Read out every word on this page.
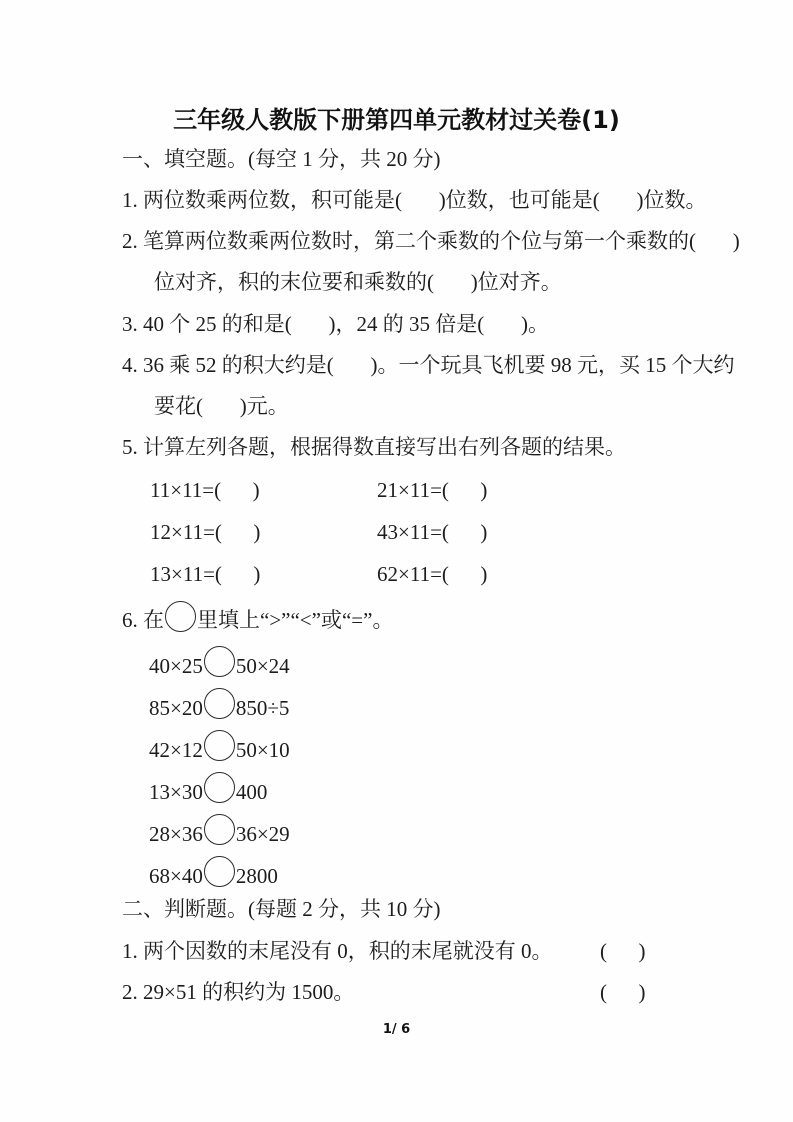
三年级人教版下册第四单元教材过关卷(1)
一、填空题。(每空 1 分，共 20 分)
1. 两位数乘两位数，积可能是(       )位数，也可能是(       )位数。
2. 笔算两位数乘两位数时，第二个乘数的个位与第一个乘数的(       )
位对齐，积的末位要和乘数的(       )位对齐。
3. 40 个 25 的和是(       )，24 的 35 倍是(       )。
4. 36 乘 52 的积大约是(       )。一个玩具飞机要 98 元，买 15 个大约
要花(       )元。
5. 计算左列各题，根据得数直接写出右列各题的结果。
11×11=(      )	21×11=(      )
12×11=(      )	43×11=(      )
13×11=(      )	62×11=(      )
6. 在 里填上“>”“<”或“=”。
40×25 50×24
85×20 850÷5
42×12 50×10
13×30 400
28×36 36×29
68×40 2800
二、判断题。(每题 2 分，共 10 分)
1. 两个因数的末尾没有 0，积的末尾就没有 0。 (      )
2. 29×51 的积约为 1500。	(      )
1/ 6
